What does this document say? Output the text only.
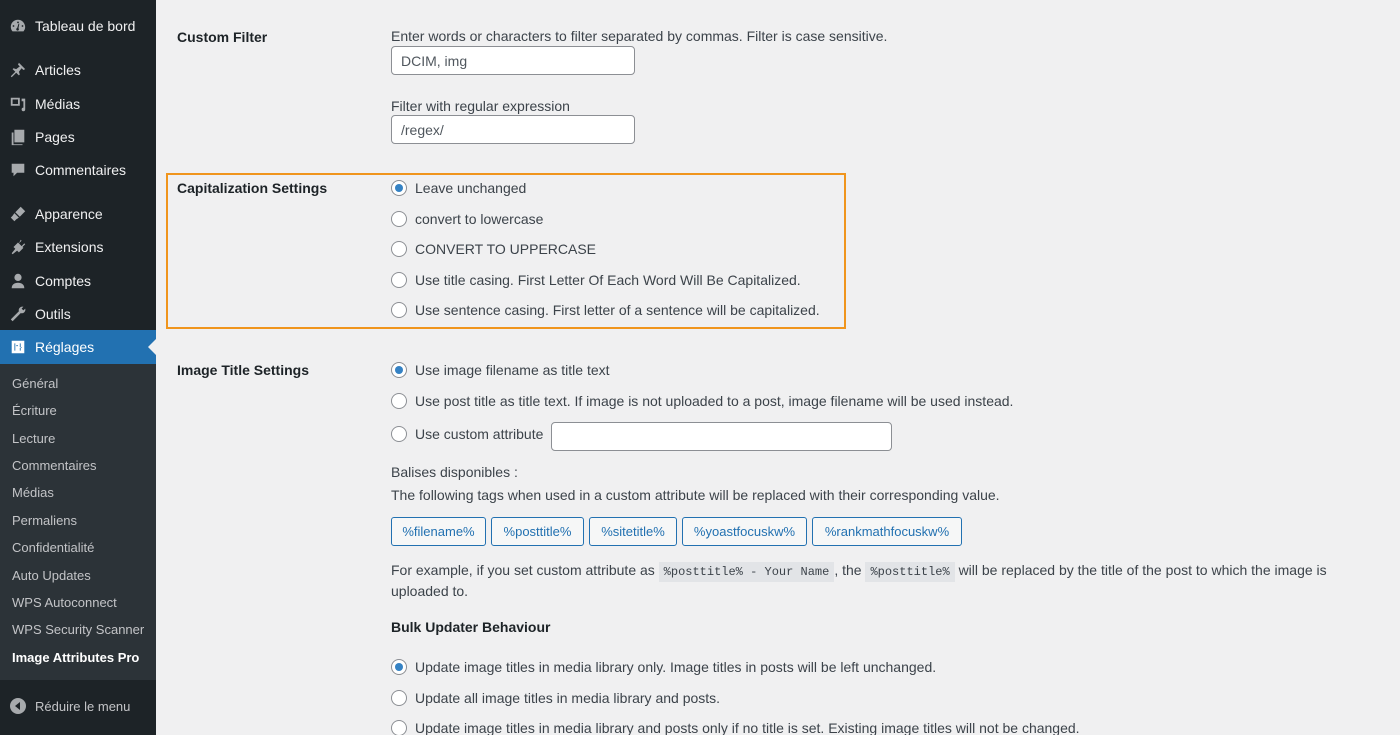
Tableau de bord
Articles
Médias
Pages
Commentaires
Apparence
Extensions
Comptes
Outils
Réglages
Général
Écriture
Lecture
Commentaires
Médias
Permaliens
Confidentialité
Auto Updates
WPS Autoconnect
WPS Security Scanner
Image Attributes Pro
Réduire le menu
Custom Filter	Enter words or characters to filter separated by commas. Filter is case sensitive.
DCIM, img
Filter with regular expression
/regex/
Capitalization Settings	Leave unchanged
convert to lowercase
CONVERT TO UPPERCASE
Use title casing. First Letter Of Each Word Will Be Capitalized.
Use sentence casing. First letter of a sentence will be capitalized.
Image Title Settings	Use image filename as title text
Use post title as title text. If image is not uploaded to a post, image filename will be used instead.
Use custom attribute
Balises disponibles :
The following tags when used in a custom attribute will be replaced with their corresponding value.
%filename%	%posttitle%	%sitetitle%	%yoastfocuskw%	%rankmathfocuskw%
For example, if you set custom attribute as %posttitle% - Your Name , the %posttitle% will be replaced by the title of the post to which the image is
uploaded to.
Bulk Updater Behaviour
Update image titles in media library only. Image titles in posts will be left unchanged.
Update all image titles in media library and posts.
Update image titles in media library and posts only if no title is set. Existing image titles will not be changed.
